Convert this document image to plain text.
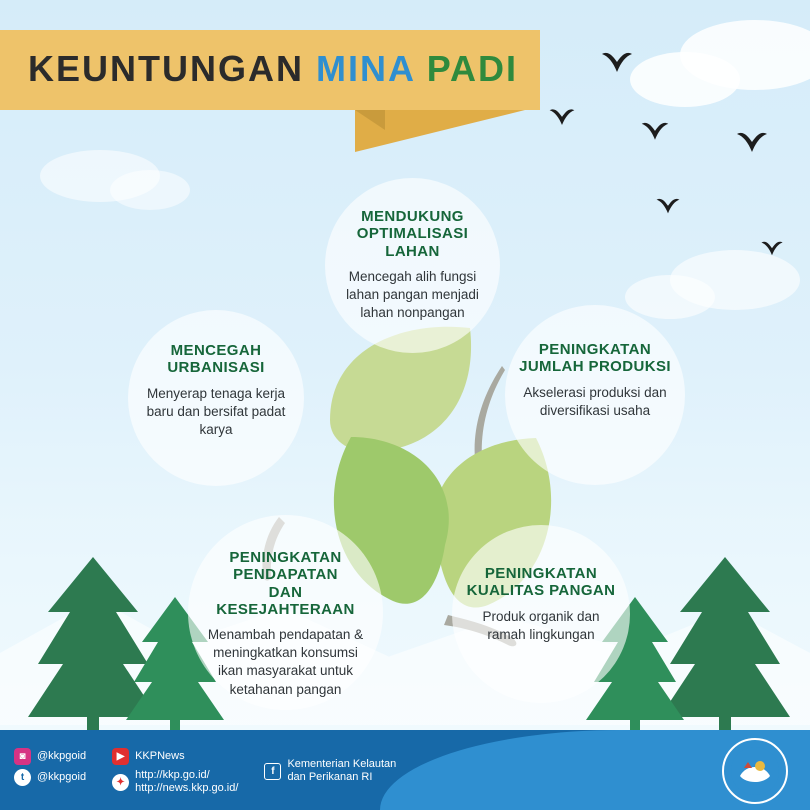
KEUNTUNGAN MINA PADI
MENDUKUNG
OPTIMALISASI LAHAN
Mencegah alih fungsi lahan pangan menjadi lahan nonpangan
PENINGKATAN
JUMLAH PRODUKSI
Akselerasi produksi dan diversifikasi usaha
MENCEGAH
URBANISASI
Menyerap tenaga kerja baru dan bersifat padat karya
PENINGKATAN
KUALITAS PANGAN
Produk organik dan ramah lingkungan
PENINGKATAN
PENDAPATAN
DAN KESEJAHTERAAN
Menambah pendapatan & meningkatkan konsumsi ikan masyarakat untuk ketahanan pangan
◙	@kkpgoid
t	@kkpgoid
▶ KKPNews
✦
http://kkp.go.id/
http://news.kkp.go.id/
f
Kementerian Kelautan
dan Perikanan RI
